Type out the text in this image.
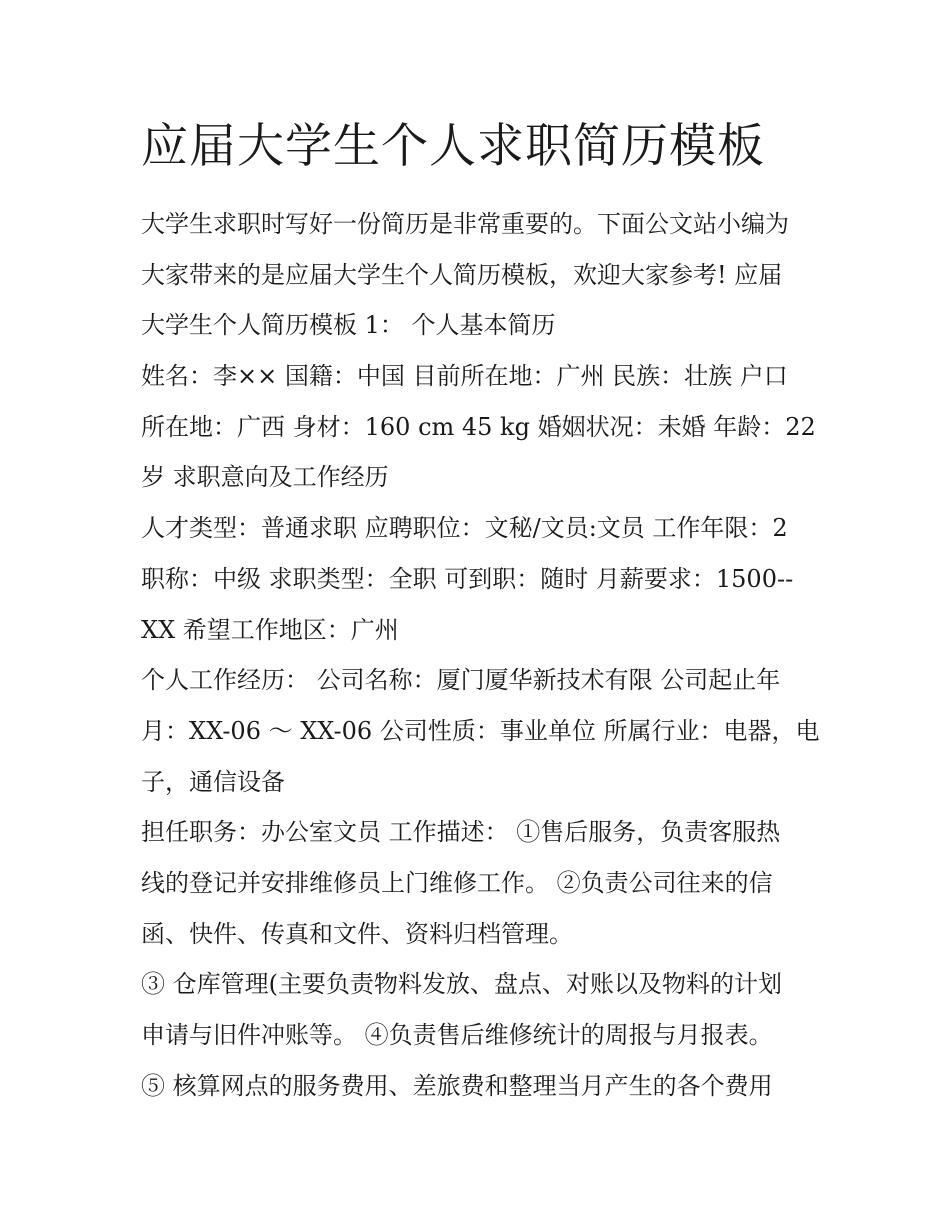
应届大学生个人求职简历模板

大学生求职时写好一份简历是非常重要的。下面公文站小编为
大家带来的是应届大学生个人简历模板，欢迎大家参考! 应届
大学生个人简历模板 1： 个人基本简历

姓名：李×× 国籍：中国 目前所在地：广州 民族：壮族 户口
所在地：广西 身材：160 cm 45 kg 婚姻状况：未婚 年龄：22
岁 求职意向及工作经历

人才类型：普通求职 应聘职位：文秘/文员:文员 工作年限：2
职称：中级 求职类型：全职 可到职：随时 月薪要求：1500--
XX 希望工作地区：广州

个人工作经历： 公司名称：厦门厦华新技术有限 公司起止年
月：XX-06 ～ XX-06 公司性质：事业单位 所属行业：电器，电
子，通信设备

担任职务：办公室文员 工作描述： ①售后服务，负责客服热
线的登记并安排维修员上门维修工作。 ②负责公司往来的信
函、快件、传真和文件、资料归档管理。

③ 仓库管理(主要负责物料发放、盘点、对账以及物料的计划
申请与旧件冲账等。 ④负责售后维修统计的周报与月报表。

⑤ 核算网点的服务费用、差旅费和整理当月产生的各个费用
